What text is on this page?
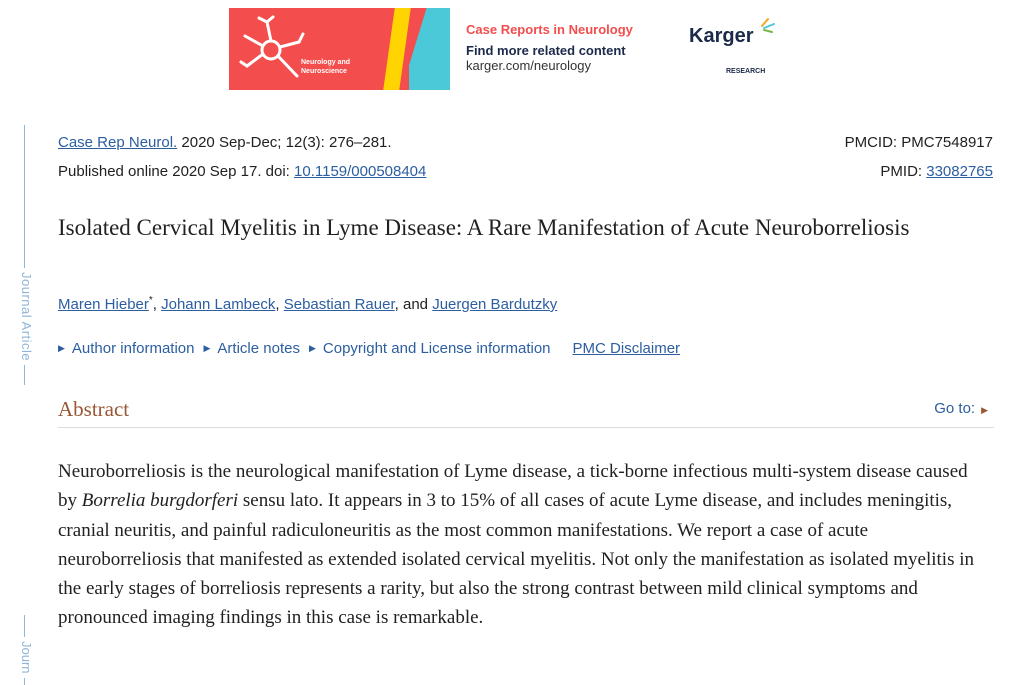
Neurology and
Neuroscience
Case Reports in Neurology
Find more related content
karger.com/neurology
Karger
RESEARCH
Journal Article
Journ
Case Rep Neurol. 2020 Sep-Dec; 12(3): 276–281.
Published online 2020 Sep 17. doi: 10.1159/000508404
PMCID: PMC7548917
PMID: 33082765
Isolated Cervical Myelitis in Lyme Disease: A Rare Manifestation of Acute Neuroborreliosis
Maren Hieber*, Johann Lambeck, Sebastian Rauer, and Juergen Bardutzky
▶ Author information ▶ Article notes ▶ Copyright and License information PMC Disclaimer
Abstract	Go to: ▶

Neuroborreliosis is the neurological manifestation of Lyme disease, a tick-borne infectious multi-system disease caused by Borrelia burgdorferi sensu lato. It appears in 3 to 15% of all cases of acute Lyme disease, and includes meningitis, cranial neuritis, and painful radiculoneuritis as the most common manifestations. We report a case of acute neuroborreliosis that manifested as extended isolated cervical myelitis. Not only the manifestation as isolated myelitis in the early stages of borreliosis represents a rarity, but also the strong contrast between mild clinical symptoms and pronounced imaging findings in this case is remarkable.
